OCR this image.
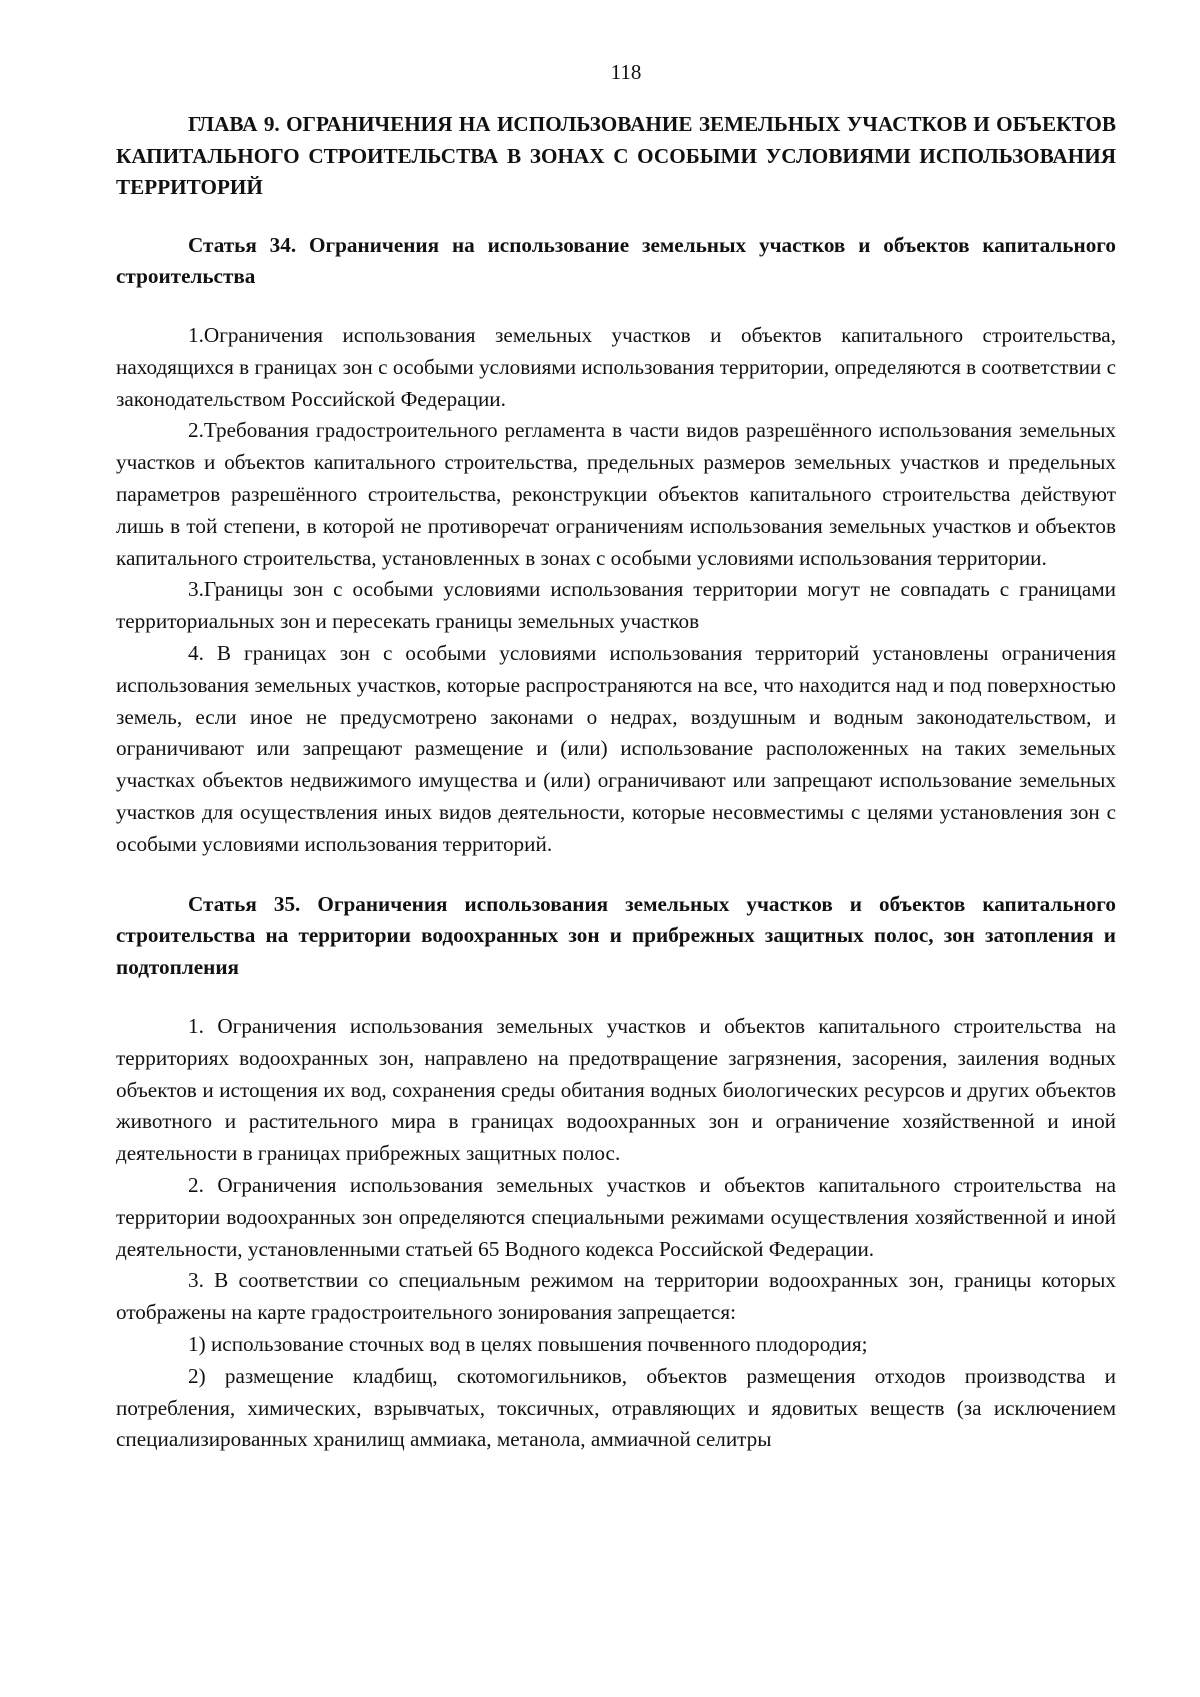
118
ГЛАВА 9. ОГРАНИЧЕНИЯ НА ИСПОЛЬЗОВАНИЕ ЗЕМЕЛЬНЫХ УЧАСТКОВ И ОБЪЕКТОВ КАПИТАЛЬНОГО СТРОИТЕЛЬСТВА В ЗОНАХ С ОСОБЫМИ УСЛОВИЯМИ ИСПОЛЬЗОВАНИЯ ТЕРРИТОРИЙ
Статья 34. Ограничения на использование земельных участков и объектов капитального строительства

1.Ограничения использования земельных участков и объектов капитального строительства, находящихся в границах зон с особыми условиями использования территории, определяются в соответствии с законодательством Российской Федерации.

2.Требования градостроительного регламента в части видов разрешённого использования земельных участков и объектов капитального строительства, предельных размеров земельных участков и предельных параметров разрешённого строительства, реконструкции объектов капитального строительства действуют лишь в той степени, в которой не противоречат ограничениям использования земельных участков и объектов капитального строительства, установленных в зонах с особыми условиями использования территории.

3.Границы зон с особыми условиями использования территории могут не совпадать с границами территориальных зон и пересекать границы земельных участков

4. В границах зон с особыми условиями использования территорий установлены ограничения использования земельных участков, которые распространяются на все, что находится над и под поверхностью земель, если иное не предусмотрено законами о недрах, воздушным и водным законодательством, и ограничивают или запрещают размещение и (или) использование расположенных на таких земельных участках объектов недвижимого имущества и (или) ограничивают или запрещают использование земельных участков для осуществления иных видов деятельности, которые несовместимы с целями установления зон с особыми условиями использования территорий.

Статья 35. Ограничения использования земельных участков и объектов капитального строительства на территории водоохранных зон и прибрежных защитных полос, зон затопления и подтопления

1. Ограничения использования земельных участков и объектов капитального строительства на территориях водоохранных зон, направлено на предотвращение загрязнения, засорения, заиления водных объектов и истощения их вод, сохранения среды обитания водных биологических ресурсов и других объектов животного и растительного мира в границах водоохранных зон и ограничение хозяйственной и иной деятельности в границах прибрежных защитных полос.

2. Ограничения использования земельных участков и объектов капитального строительства на территории водоохранных зон определяются специальными режимами осуществления хозяйственной и иной деятельности, установленными статьей 65 Водного кодекса Российской Федерации.

3. В соответствии со специальным режимом на территории водоохранных зон, границы которых отображены на карте градостроительного зонирования запрещается:

1) использование сточных вод в целях повышения почвенного плодородия;

2) размещение кладбищ, скотомогильников, объектов размещения отходов производства и потребления, химических, взрывчатых, токсичных, отравляющих и ядовитых веществ (за исключением специализированных хранилищ аммиака, метанола, аммиачной селитры
